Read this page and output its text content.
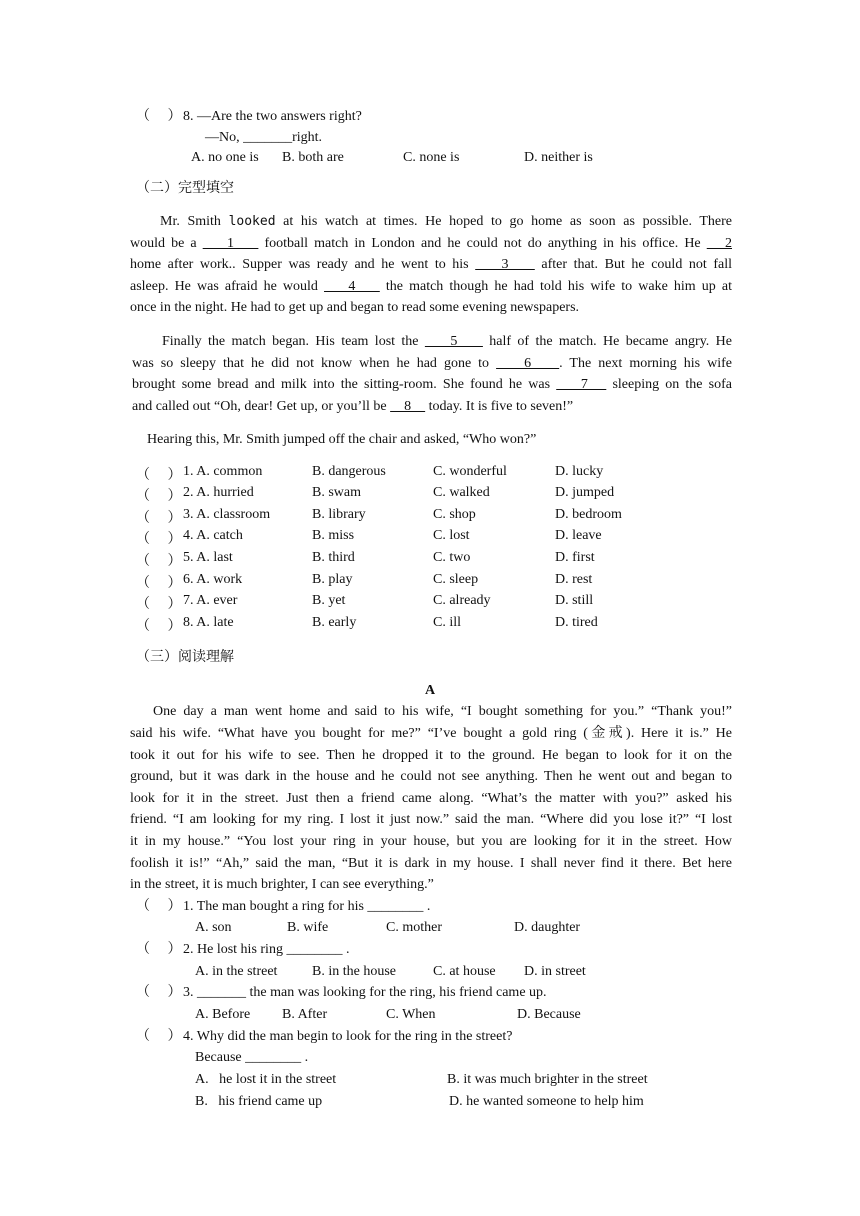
（　 ） 8. —Are the two answers right?
—No, _______right.
A. no one is B. both are	C. none is	D. neither is
（二）完型填空
Mr. Smith looked at his watch at times. He hoped to go home as soon as possible. There
would be a     1     football match in London and he could not do anything in his office. He    2
home after work.. Supper was ready and he went to his     3     after that. But he could not fall
asleep. He was afraid he would     4     the match though he had told his wife to wake him up at
once in the night. He had to get up and began to read some evening newspapers.
Finally the match began. His team lost the     5     half of the match. He became angry. He
was so sleepy that he did not know when he had gone to     6    . The next morning his wife
brought some bread and milk into the sitting-room. She found he was     7    sleeping on the sofa
and called out “Oh, dear! Get up, or you’ll be     8     today. It is five to seven!”
Hearing this, Mr. Smith jumped off the chair and asked, “Who won?”
（　 ） 1. A. common	B. dangerous	C. wonderful	D. lucky
（　 ） 2. A. hurried	B. swam	C. walked	D. jumped
（　 ） 3. A. classroom	B. library	C. shop	D. bedroom
（　 ） 4. A. catch	B. miss	C. lost	D. leave
（　 ） 5. A. last	B. third	C. two	D. first
（　 ） 6. A. work	B. play	C. sleep	D. rest
（　 ） 7. A. ever	B. yet	C. already	D. still
（　 ） 8. A. late	B. early	C. ill	D. tired
（三）阅读理解
A
One day a man went home and said to his wife, “I bought something for you.” “Thank you!”
said his wife. “What have you bought for me?” “I’ve bought a gold ring (金戒). Here it is.” He
took it out for his wife to see. Then he dropped it to the ground. He began to look for it on the
ground, but it was dark in the house and he could not see anything. Then he went out and began to
look for it in the street. Just then a friend came along. “What’s the matter with you?” asked his
friend. “I am looking for my ring. I lost it just now.” said the man. “Where did you lose it?” “I lost
it in my house.” “You lost your ring in your house, but you are looking for it in the street. How
foolish it is!” “Ah,” said the man, “But it is dark in my house. I shall never find it there. Bet here
in the street, it is much brighter, I can see everything.”
（　 ） 1. The man bought a ring for his ________ .
A. son	B. wife	C. mother	D. daughter
（　 ） 2. He lost his ring ________ .
A. in the street B. in the house	C. at house D. in street
（　 ） 3. _______ the man was looking for the ring, his friend came up.
A. Before B. After	C. When	D. Because
（　 ） 4. Why did the man begin to look for the ring in the street?
Because ________ .
A.   he lost it in the street	B. it was much brighter in the street
B.   his friend came up	D. he wanted someone to help him
